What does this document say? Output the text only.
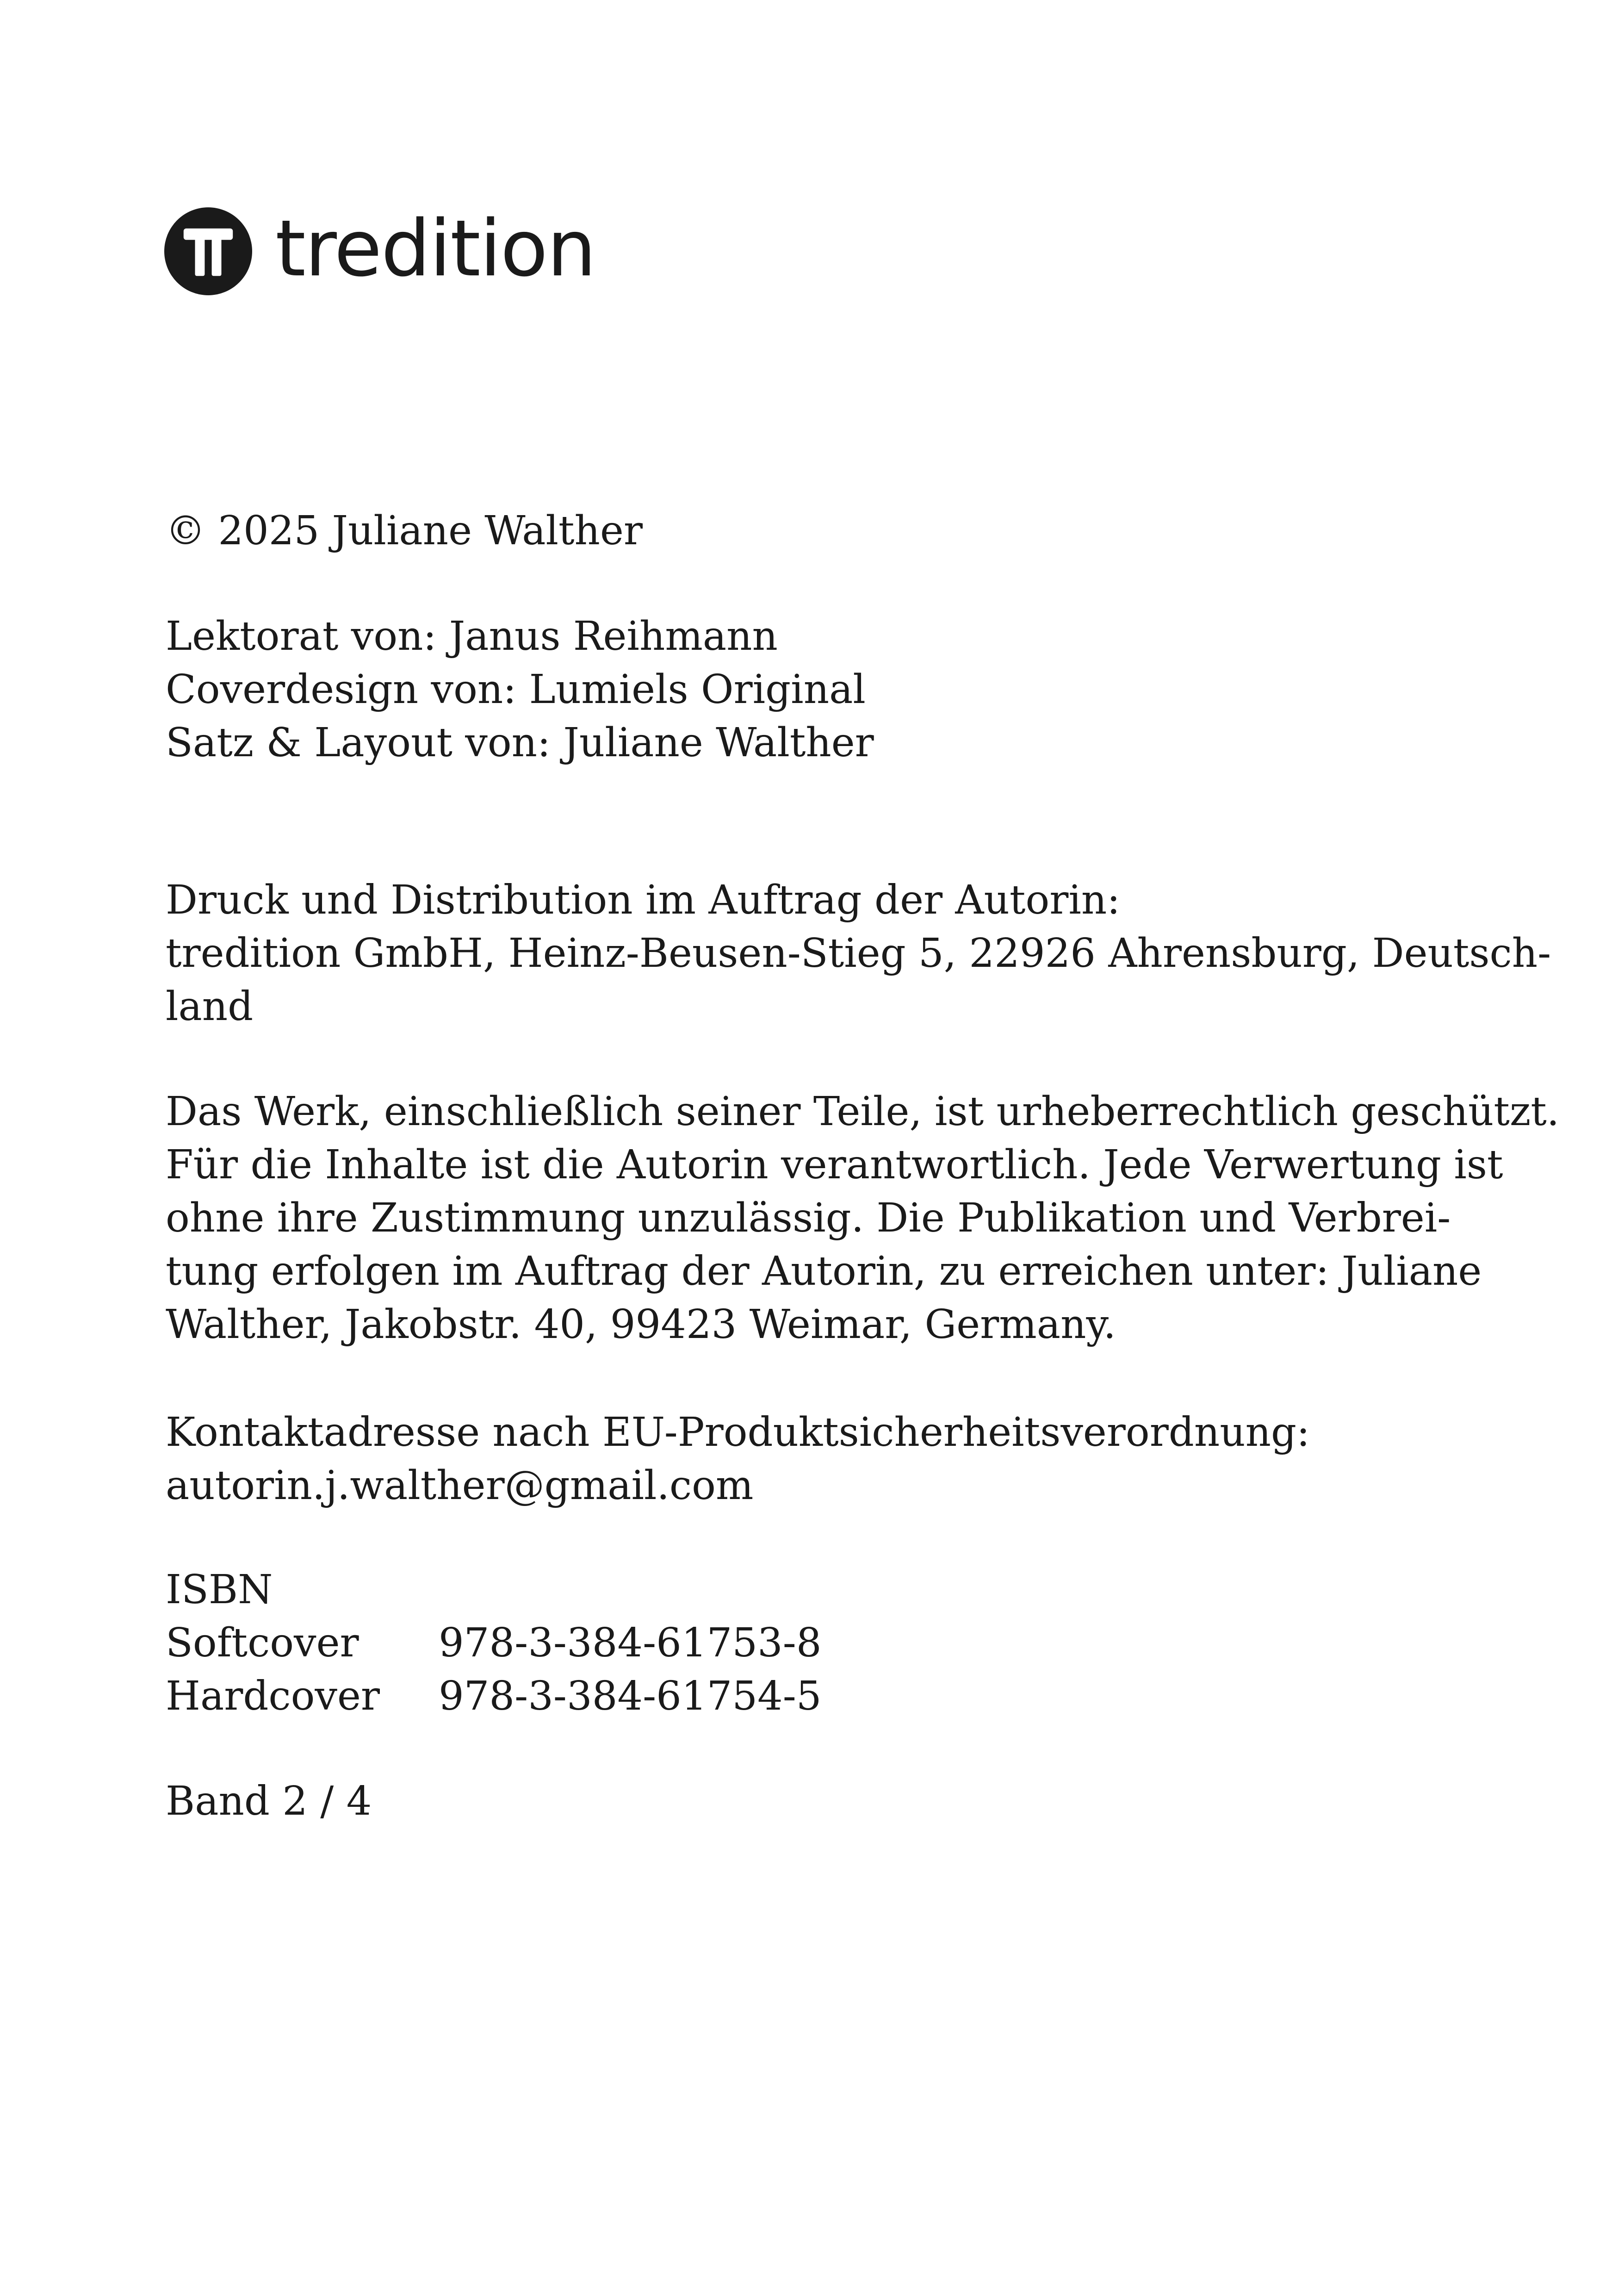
tredition
© 2025 Juliane Walther
Lektorat von: Janus Reihmann
Coverdesign von: Lumiels Original
Satz & Layout von: Juliane Walther
Druck und Distribution im Auftrag der Autorin:
tredition GmbH, Heinz-Beusen-Stieg 5, 22926 Ahrensburg, Deutsch-
land
Das Werk, einschließlich seiner Teile, ist urheberrechtlich geschützt.
Für die Inhalte ist die Autorin verantwortlich. Jede Verwertung ist
ohne ihre Zustimmung unzulässig. Die Publikation und Verbrei-
tung erfolgen im Auftrag der Autorin, zu erreichen unter: Juliane
Walther, Jakobstr. 40, 99423 Weimar, Germany.
Kontaktadresse nach EU-Produktsicherheitsverordnung:
autorin.j.walther@gmail.com
ISBN
Softcover	978-3-384-61753-8
Hardcover	978-3-384-61754-5
Band 2 / 4
